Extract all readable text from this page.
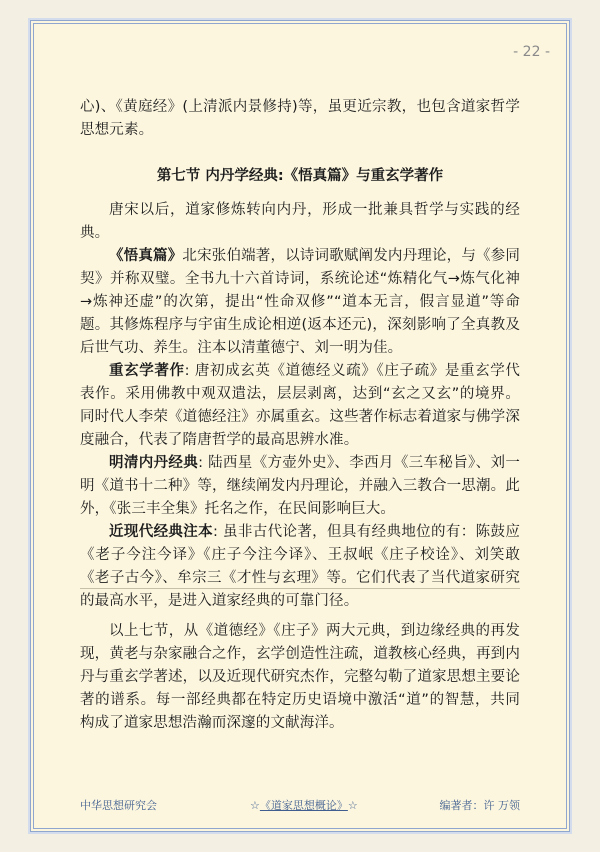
- 22 -

心)、《黄庭经》(上清派内景修持)等，虽更近宗教，也包含道家哲学思想元素。

第七节 内丹学经典:《悟真篇》与重玄学著作

唐宋以后，道家修炼转向内丹，形成一批兼具哲学与实践的经典。

《悟真篇》北宋张伯端著，以诗词歌赋阐发内丹理论，与《参同契》并称双璧。全书九十六首诗词，系统论述“炼精化气→炼气化神→炼神还虚”的次第，提出“性命双修”“道本无言，假言显道”等命题。其修炼程序与宇宙生成论相逆(返本还元)，深刻影响了全真教及后世气功、养生。注本以清董德宁、刘一明为佳。

重玄学著作: 唐初成玄英《道德经义疏》《庄子疏》是重玄学代表作。采用佛教中观双遣法，层层剥离，达到“玄之又玄”的境界。同时代人李荣《道德经注》亦属重玄。这些著作标志着道家与佛学深度融合，代表了隋唐哲学的最高思辨水准。

明清内丹经典: 陆西星《方壶外史》、李西月《三车秘旨》、刘一明《道书十二种》等，继续阐发内丹理论，并融入三教合一思潮。此外，《张三丰全集》托名之作，在民间影响巨大。

近现代经典注本: 虽非古代论著，但具有经典地位的有：陈鼓应《老子今注今译》《庄子今注今译》、王叔岷《庄子校诠》、刘笑敢《老子古今》、牟宗三《才性与玄理》等。它们代表了当代道家研究的最高水平，是进入道家经典的可靠门径。

以上七节，从《道德经》《庄子》两大元典，到边缘经典的再发现，黄老与杂家融合之作，玄学创造性注疏，道教核心经典，再到内丹与重玄学著述，以及近现代研究杰作，完整勾勒了道家思想主要论著的谱系。每一部经典都在特定历史语境中激活“道”的智慧，共同构成了道家思想浩瀚而深邃的文献海洋。

中华思想研究会	☆《道家思想概论》☆	编著者：许 万领
